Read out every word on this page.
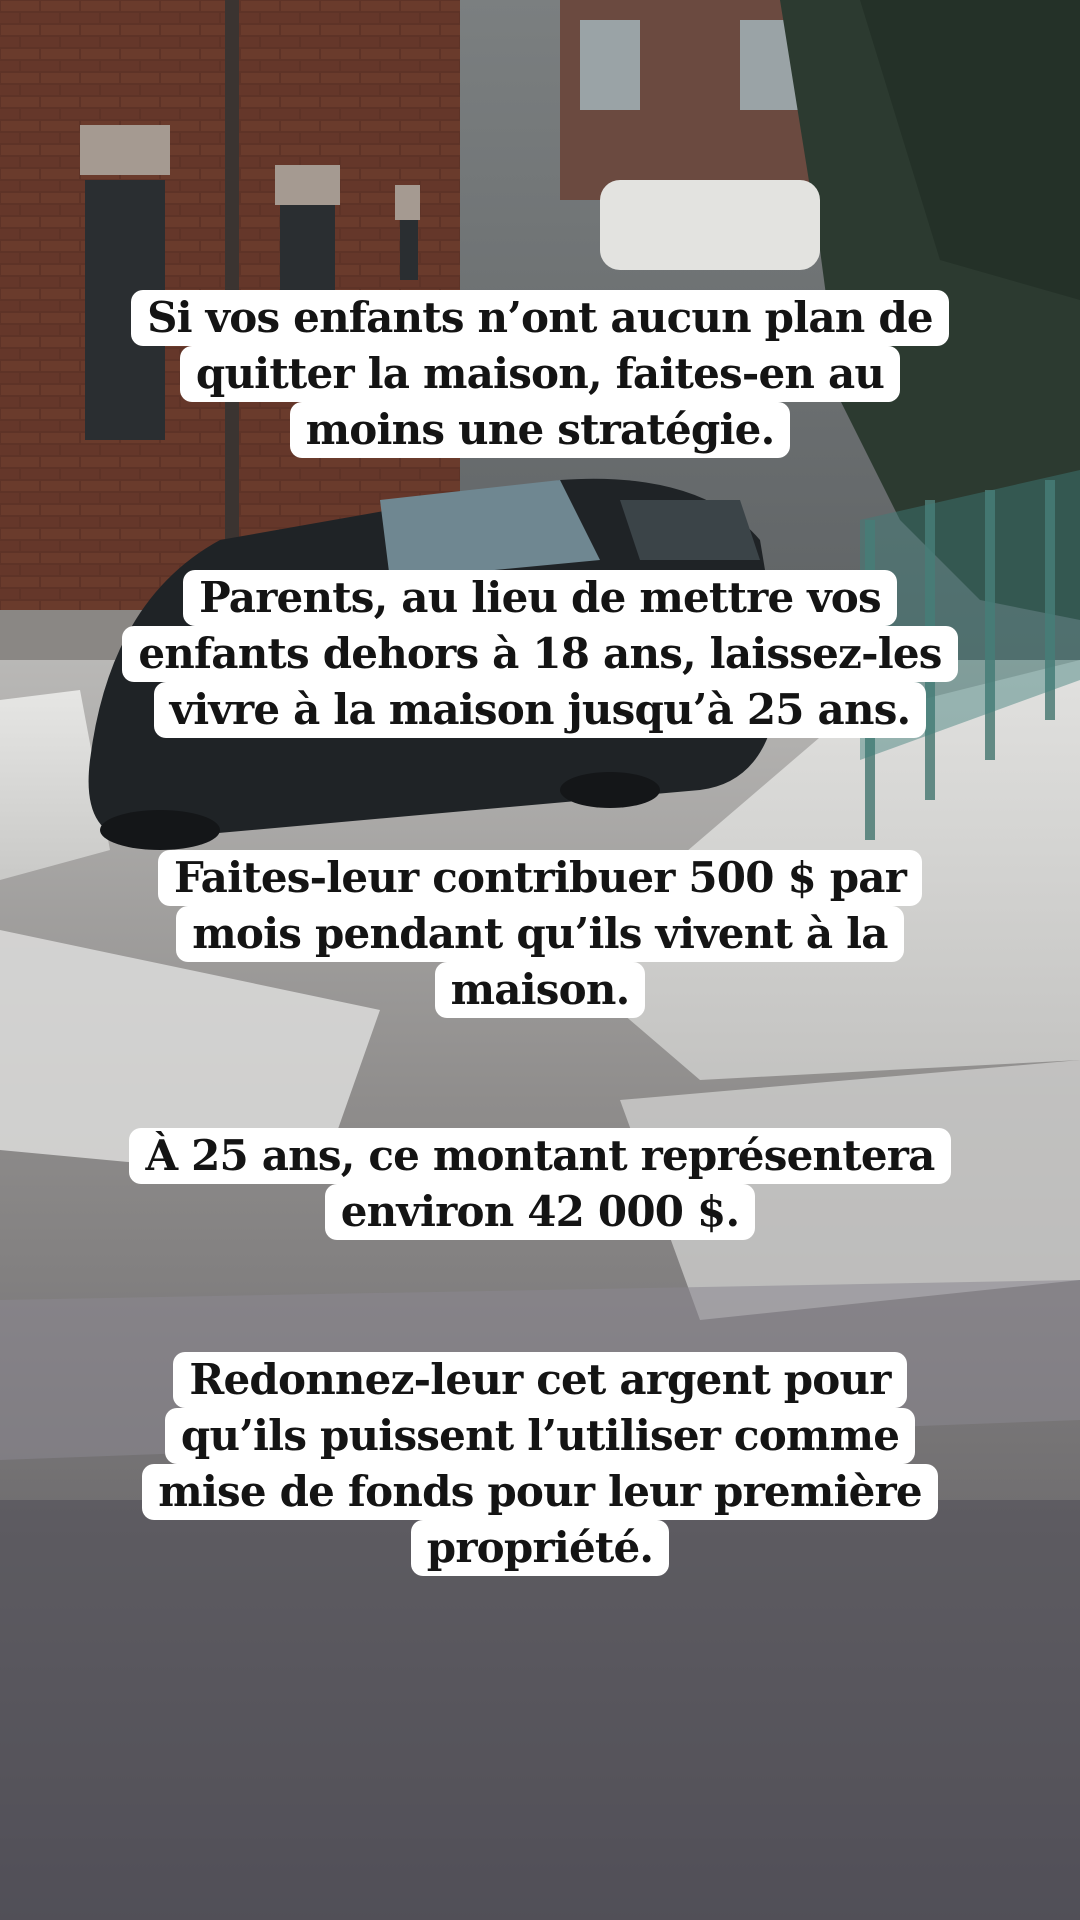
Si vos enfants n’ont aucun plan de
quitter la maison, faites-en au
moins une stratégie.
Parents, au lieu de mettre vos
enfants dehors à 18 ans, laissez-les
vivre à la maison jusqu’à 25 ans.
Faites-leur contribuer 500 $ par
mois pendant qu’ils vivent à la
maison.
À 25 ans, ce montant représentera
environ 42 000 $.
Redonnez-leur cet argent pour
qu’ils puissent l’utiliser comme
mise de fonds pour leur première
propriété.
